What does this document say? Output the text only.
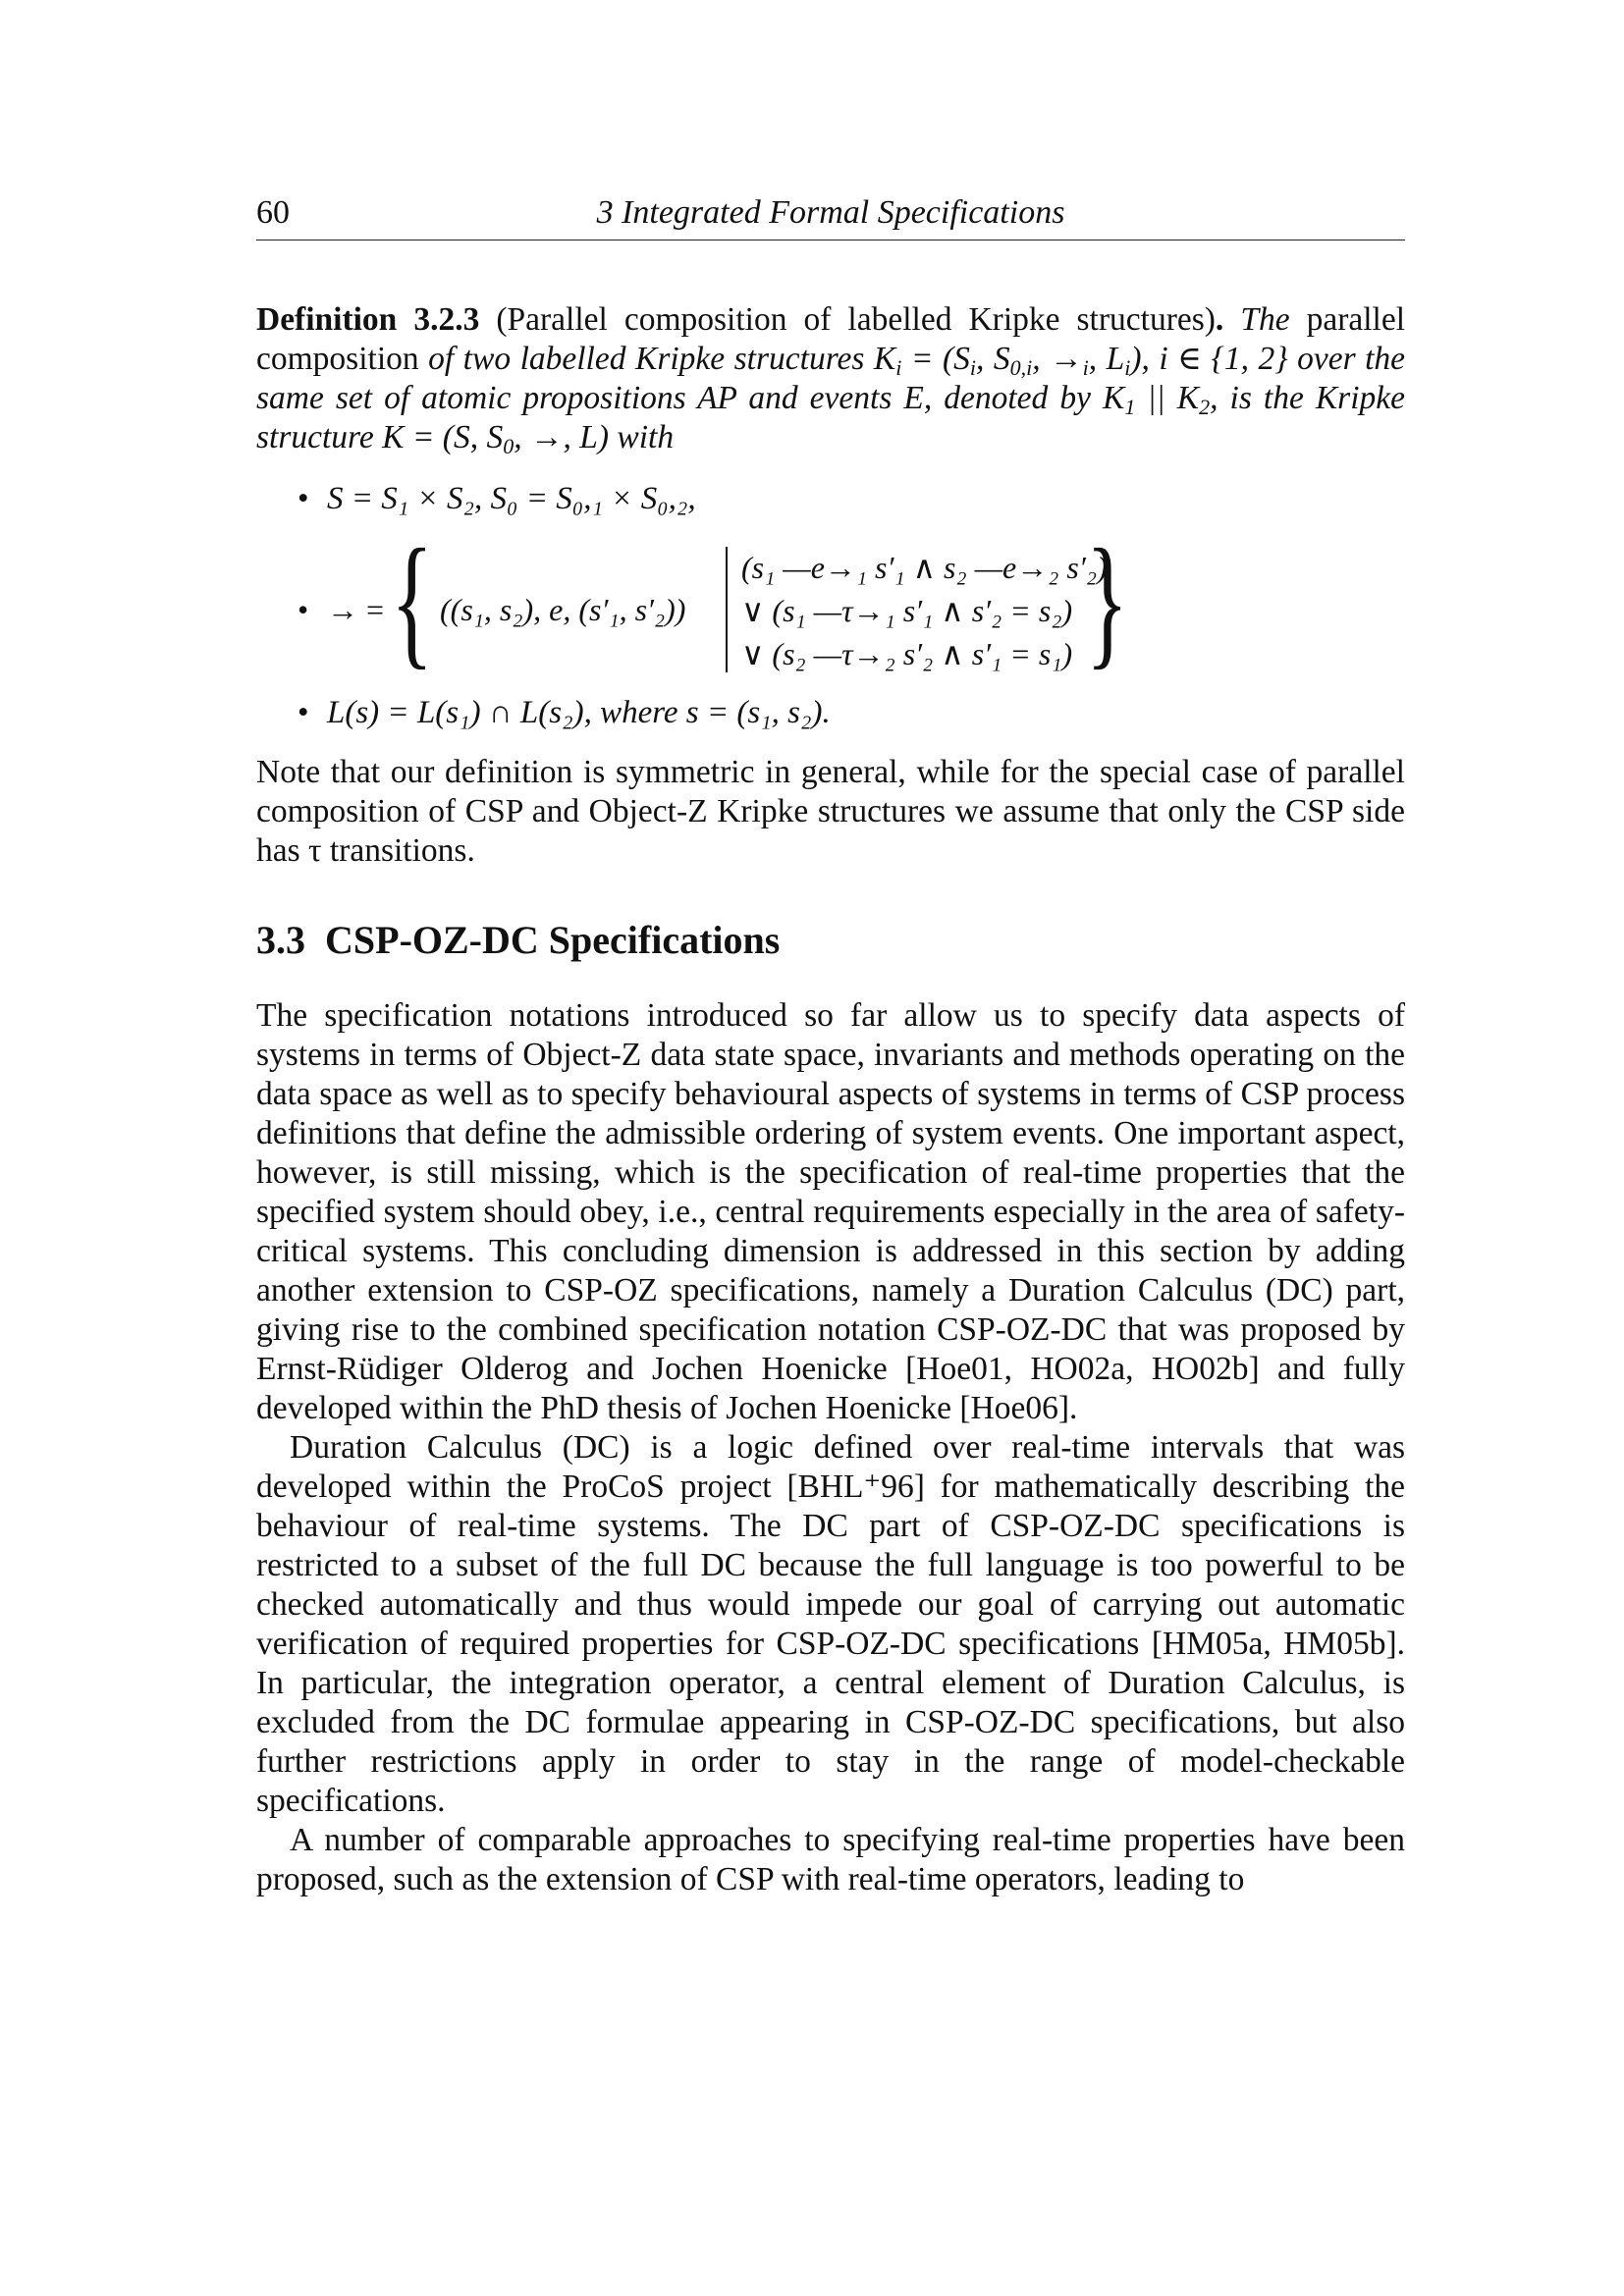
60	3 Integrated Formal Specifications

Definition 3.2.3 (Parallel composition of labelled Kripke structures). The parallel composition of two labelled Kripke structures $K_i = (S_i$, $S_{0,i}$, $\to_i$, $L_i$), i ∈ {1, 2} over the same set of atomic propositions AP and events E, denoted by $K_1$ || $K_2$, is the Kripke structure K = (S, $S_0$, →, L) with

• S = S₁ × S₂, S₀ = S₀,₁ × S₀,₂,
• → = { ((s₁, s₂), e, (s′₁, s′₂))
(s₁ —e→₁ s′₁ ∧ s₂ —e→₂ s′₂)
∨ (s₁ —τ→₁ s′₁ ∧ s′₂ = s₂)
∨ (s₂ —τ→₂ s′₂ ∧ s′₁ = s₁) }
• L(s) = L(s₁) ∩ L(s₂), where s = (s₁, s₂).

Note that our definition is symmetric in general, while for the special case of parallel composition of CSP and Object-Z Kripke structures we assume that only the CSP side has τ transitions.

3.3 CSP-OZ-DC Specifications

The specification notations introduced so far allow us to specify data aspects of systems in terms of Object-Z data state space, invariants and methods operating on the data space as well as to specify behavioural aspects of systems in terms of CSP process definitions that define the admissible ordering of system events. One important aspect, however, is still missing, which is the specification of real-time properties that the specified system should obey, i.e., central requirements especially in the area of safety-critical systems. This concluding dimension is addressed in this section by adding another extension to CSP-OZ specifications, namely a Duration Calculus (DC) part, giving rise to the combined specification notation CSP-OZ-DC that was proposed by Ernst-Rüdiger Olderog and Jochen Hoenicke [Hoe01, HO02a, HO02b] and fully developed within the PhD thesis of Jochen Hoenicke [Hoe06].

Duration Calculus (DC) is a logic defined over real-time intervals that was developed within the ProCoS project [BHL⁺96] for mathematically describing the behaviour of real-time systems. The DC part of CSP-OZ-DC specifications is restricted to a subset of the full DC because the full language is too powerful to be checked automatically and thus would impede our goal of carrying out automatic verification of required properties for CSP-OZ-DC specifications [HM05a, HM05b]. In particular, the integration operator, a central element of Duration Calculus, is excluded from the DC formulae appearing in CSP-OZ-DC specifications, but also further restrictions apply in order to stay in the range of model-checkable specifications.

A number of comparable approaches to specifying real-time properties have been proposed, such as the extension of CSP with real-time operators, leading to
